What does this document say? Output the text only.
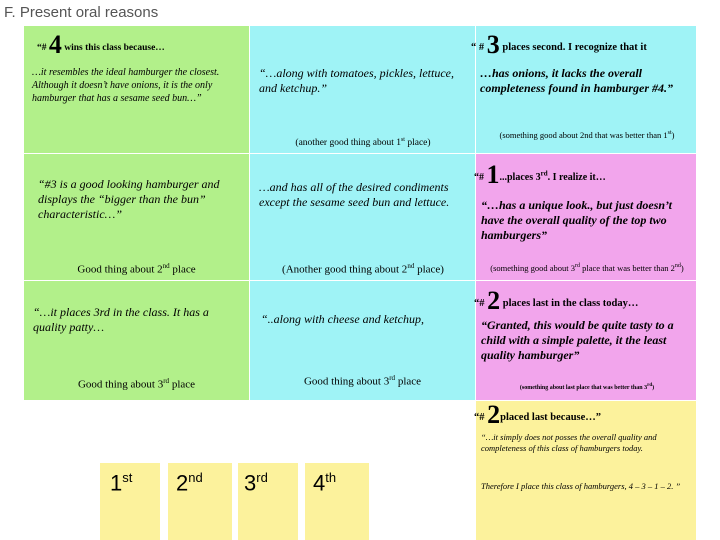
F. Present oral reasons
“# 4 wins this class because…
…it resembles the ideal hamburger the closest. Although it doesn’t have onions, it is the only hamburger that has a sesame seed bun…”
“…along with tomatoes, pickles, lettuce, and ketchup.”
(another good thing about 1st place)
“ # 3 places second. I recognize that it
…has onions, it lacks the overall completeness found in hamburger #4.”
(something good about 2nd that was better than 1st)
“#3 is a good looking hamburger and displays the “bigger than the bun” characteristic…”
Good thing about 2nd place
…and has all of the desired condiments except the sesame seed bun and lettuce.
(Another good thing about 2nd place)
“# 1...places 3rd. I realize it…
“…has a unique look., but just doesn’t have the overall quality of the top two hamburgers”
(something good about 3rd place that was better than 2nd)
“…it places 3rd in the class. It has a quality patty…
Good thing about 3rd place
“..along with cheese and ketchup,
Good thing about 3rd place
“# 2 places last in the class today…
“Granted, this would be quite tasty to a child with a simple palette, it the least quality hamburger”
(something about last place that was better than 3rd)
“# 2placed last because…”
“…it simply does not posses the overall quality and completeness of this class of hamburgers today.
Therefore I place this class of hamburgers, 4 – 3 – 1 – 2. ”
1st 2nd 3rd 4th
